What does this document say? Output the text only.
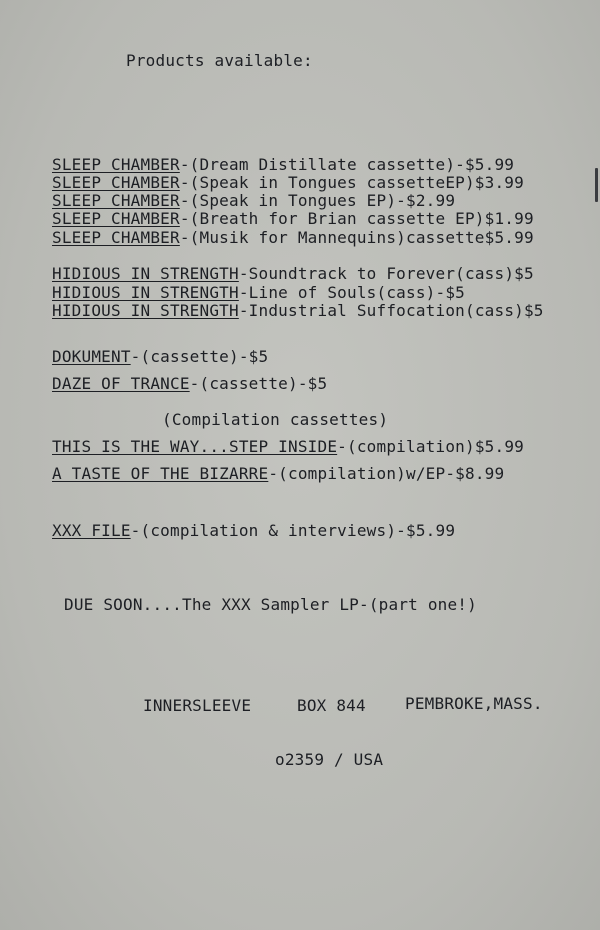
Products available:
SLEEP CHAMBER-(Dream Distillate cassette)-$5.99
SLEEP CHAMBER-(Speak in Tongues cassetteEP)$3.99
SLEEP CHAMBER-(Speak in Tongues EP)-$2.99
SLEEP CHAMBER-(Breath for Brian cassette EP)$1.99
SLEEP CHAMBER-(Musik for Mannequins)cassette$5.99
HIDIOUS IN STRENGTH-Soundtrack to Forever(cass)$5
HIDIOUS IN STRENGTH-Line of Souls(cass)-$5
HIDIOUS IN STRENGTH-Industrial Suffocation(cass)$5
DOKUMENT-(cassette)-$5
DAZE OF TRANCE-(cassette)-$5
(Compilation cassettes)
THIS IS THE WAY...STEP INSIDE-(compilation)$5.99
A TASTE OF THE BIZARRE-(compilation)w/EP-$8.99
XXX FILE-(compilation & interviews)-$5.99
DUE SOON....The XXX Sampler LP-(part one!)
INNERSLEEVE	BOX 844 PEMBROKE,MASS.
o2359 / USA
